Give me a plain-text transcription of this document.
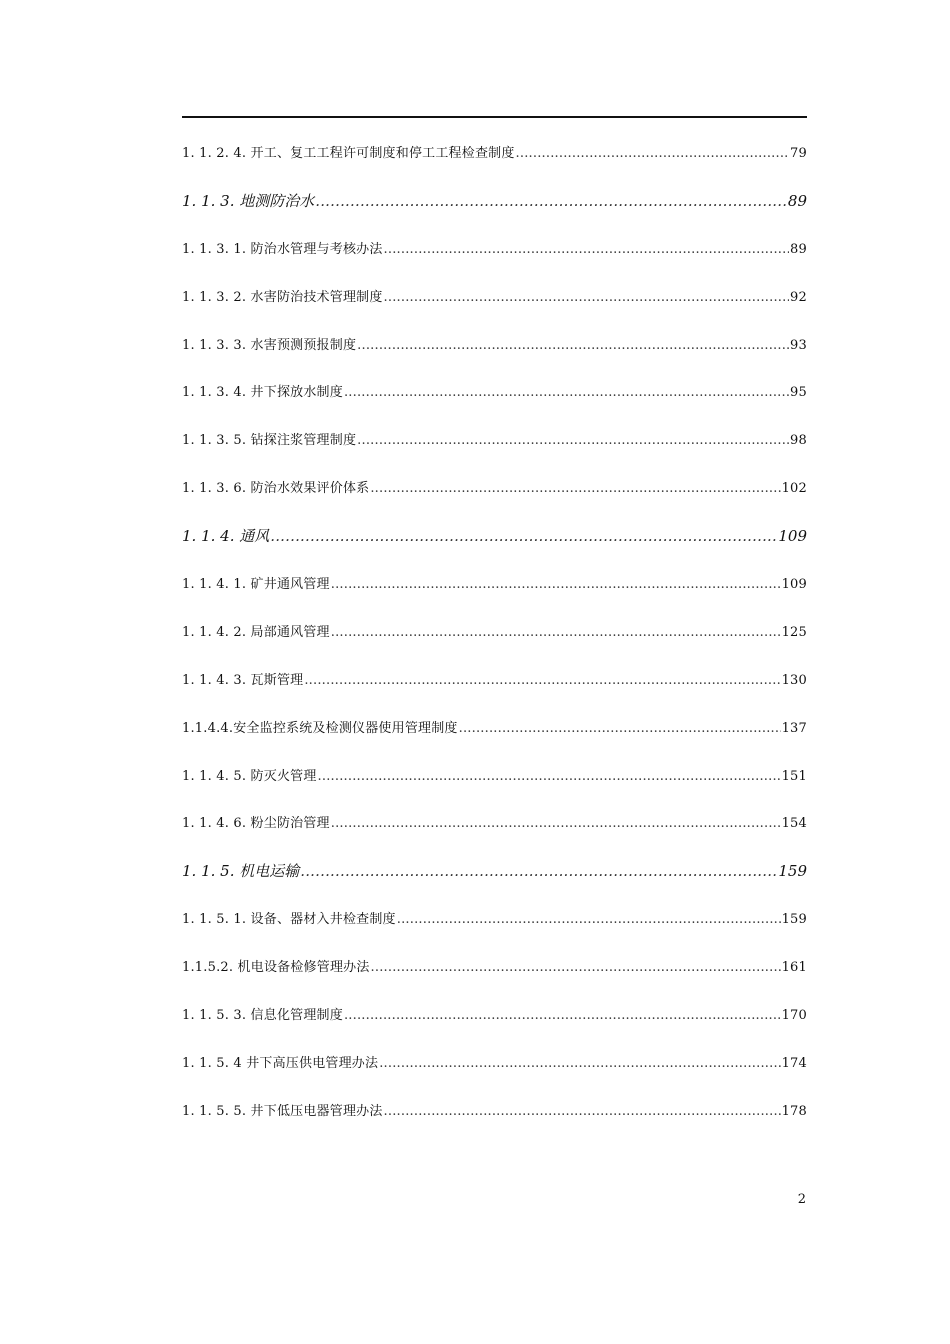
1. 1. 2. 4. 开工、复工工程许可制度和停工工程检查制度 .....	79
1. 1. 3. 地测防治水 .....	89
1. 1. 3. 1. 防治水管理与考核办法 .....	89
1. 1. 3. 2. 水害防治技术管理制度 .....	92
1. 1. 3. 3. 水害预测预报制度 .....	93
1. 1. 3. 4. 井下探放水制度 .....	95
1. 1. 3. 5. 钻探注浆管理制度 .....	98
1. 1. 3. 6. 防治水效果评价体系 .....	102
1. 1. 4. 通风 .....	109
1. 1. 4. 1. 矿井通风管理 .....	109
1. 1. 4. 2. 局部通风管理 .....	125
1. 1. 4. 3. 瓦斯管理 .....	130
1.1.4.4.安全监控系统及检测仪器使用管理制度 .....	137
1. 1. 4. 5. 防灭火管理 .....	151
1. 1. 4. 6. 粉尘防治管理 .....	154
1. 1. 5. 机电运输 .....	159
1. 1. 5. 1. 设备、器材入井检查制度 .....	159
1.1.5.2. 机电设备检修管理办法 .....	161
1. 1. 5. 3. 信息化管理制度 .....	170
1. 1. 5. 4 井下高压供电管理办法 .....	174
1. 1. 5. 5. 井下低压电器管理办法 .....	178
2
